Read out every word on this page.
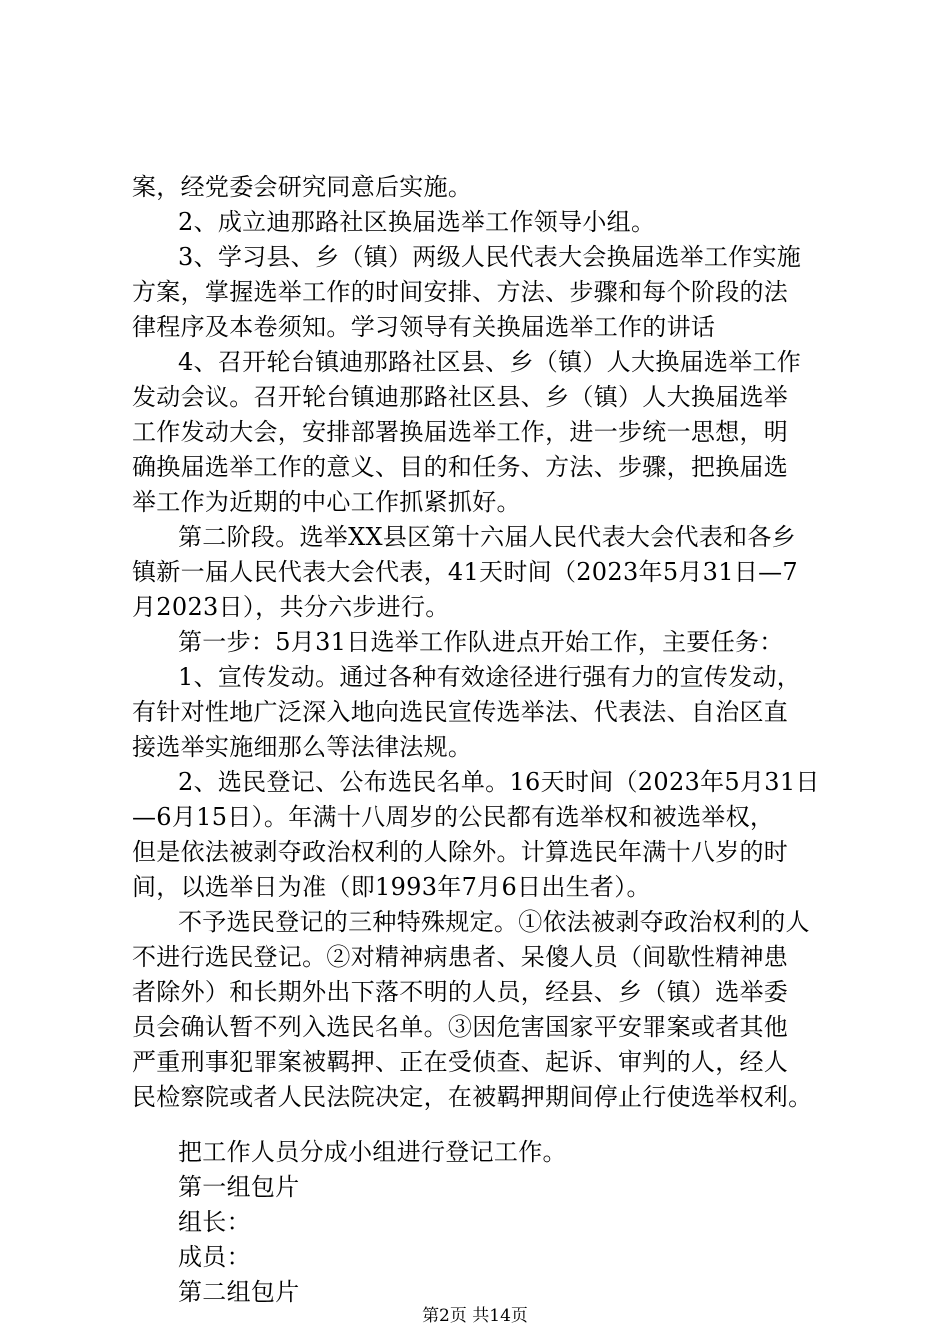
案，经党委会研究同意后实施。
2、成立迪那路社区换届选举工作领导小组。
3、学习县、乡（镇）两级人民代表大会换届选举工作实施
方案，掌握选举工作的时间安排、方法、步骤和每个阶段的法
律程序及本卷须知。学习领导有关换届选举工作的讲话
4、召开轮台镇迪那路社区县、乡（镇）人大换届选举工作
发动会议。召开轮台镇迪那路社区县、乡（镇）人大换届选举
工作发动大会，安排部署换届选举工作，进一步统一思想，明
确换届选举工作的意义、目的和任务、方法、步骤，把换届选
举工作为近期的中心工作抓紧抓好。
第二阶段。选举XX县区第十六届人民代表大会代表和各乡
镇新一届人民代表大会代表，41天时间（2023年5月31日—7
月2023日），共分六步进行。
第一步：5月31日选举工作队进点开始工作，主要任务：
1、宣传发动。通过各种有效途径进行强有力的宣传发动，
有针对性地广泛深入地向选民宣传选举法、代表法、自治区直
接选举实施细那么等法律法规。
2、选民登记、公布选民名单。16天时间（2023年5月31日
—6月15日）。年满十八周岁的公民都有选举权和被选举权，
但是依法被剥夺政治权利的人除外。计算选民年满十八岁的时
间，以选举日为准（即1993年7月6日出生者）。
不予选民登记的三种特殊规定。①依法被剥夺政治权利的人
不进行选民登记。②对精神病患者、呆傻人员（间歇性精神患
者除外）和长期外出下落不明的人员，经县、乡（镇）选举委
员会确认暂不列入选民名单。③因危害国家平安罪案或者其他
严重刑事犯罪案被羁押、正在受侦查、起诉、审判的人，经人
民检察院或者人民法院决定，在被羁押期间停止行使选举权利。
把工作人员分成小组进行登记工作。
第一组包片
组长：
成员：
第二组包片
第2页 共14页
